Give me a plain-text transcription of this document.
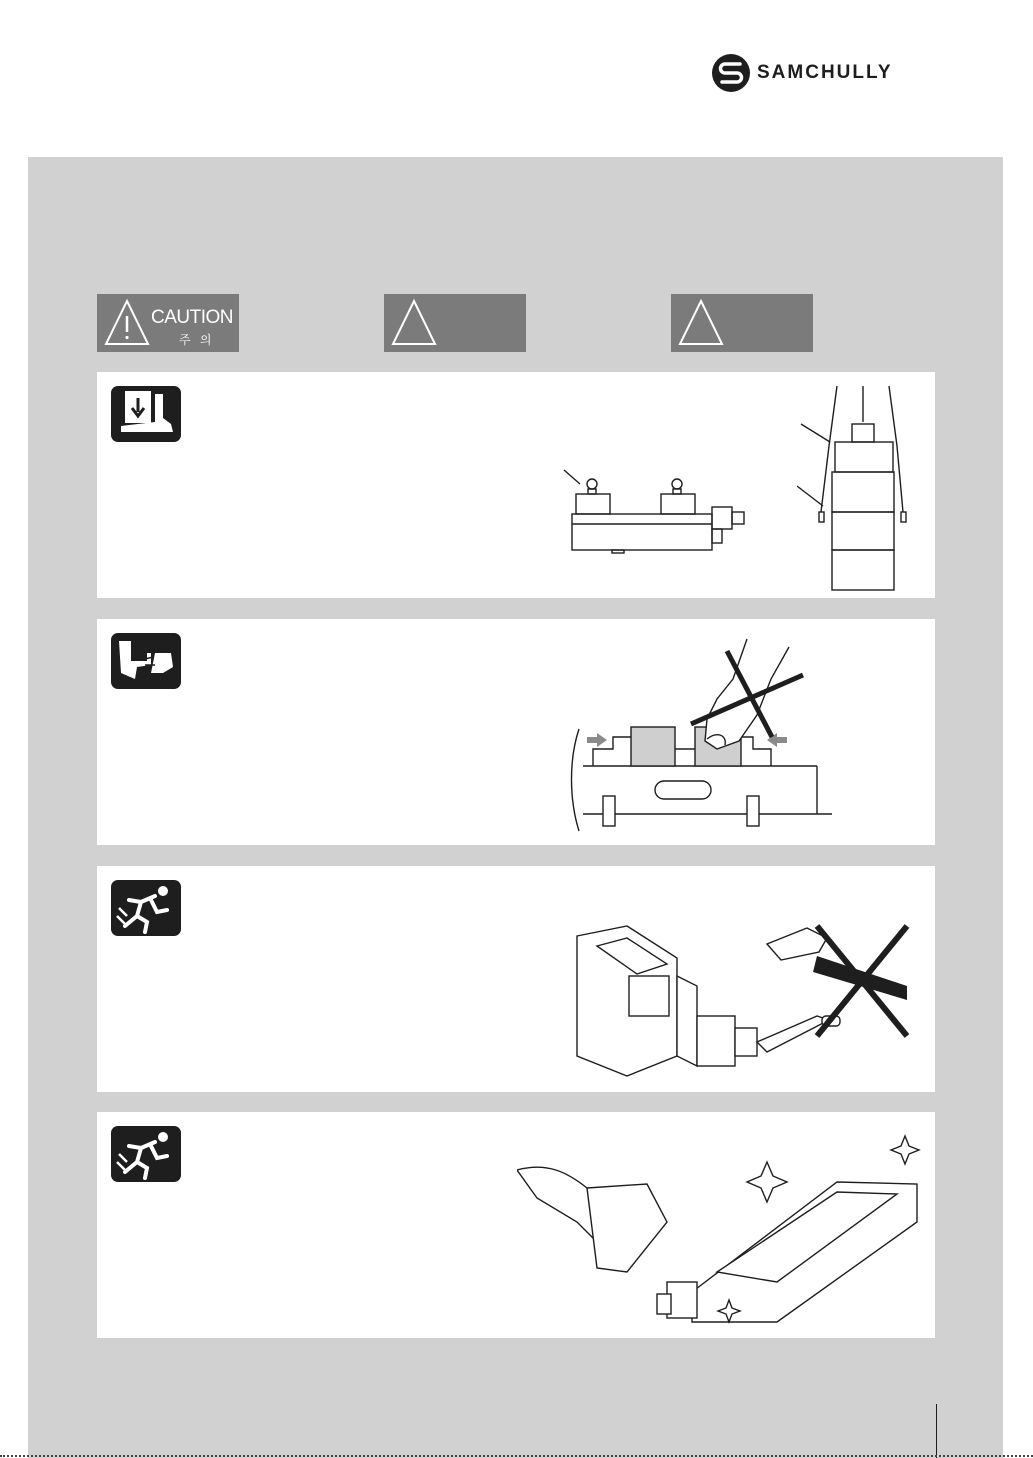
SAMCHULLY
CAUTION
주 의
